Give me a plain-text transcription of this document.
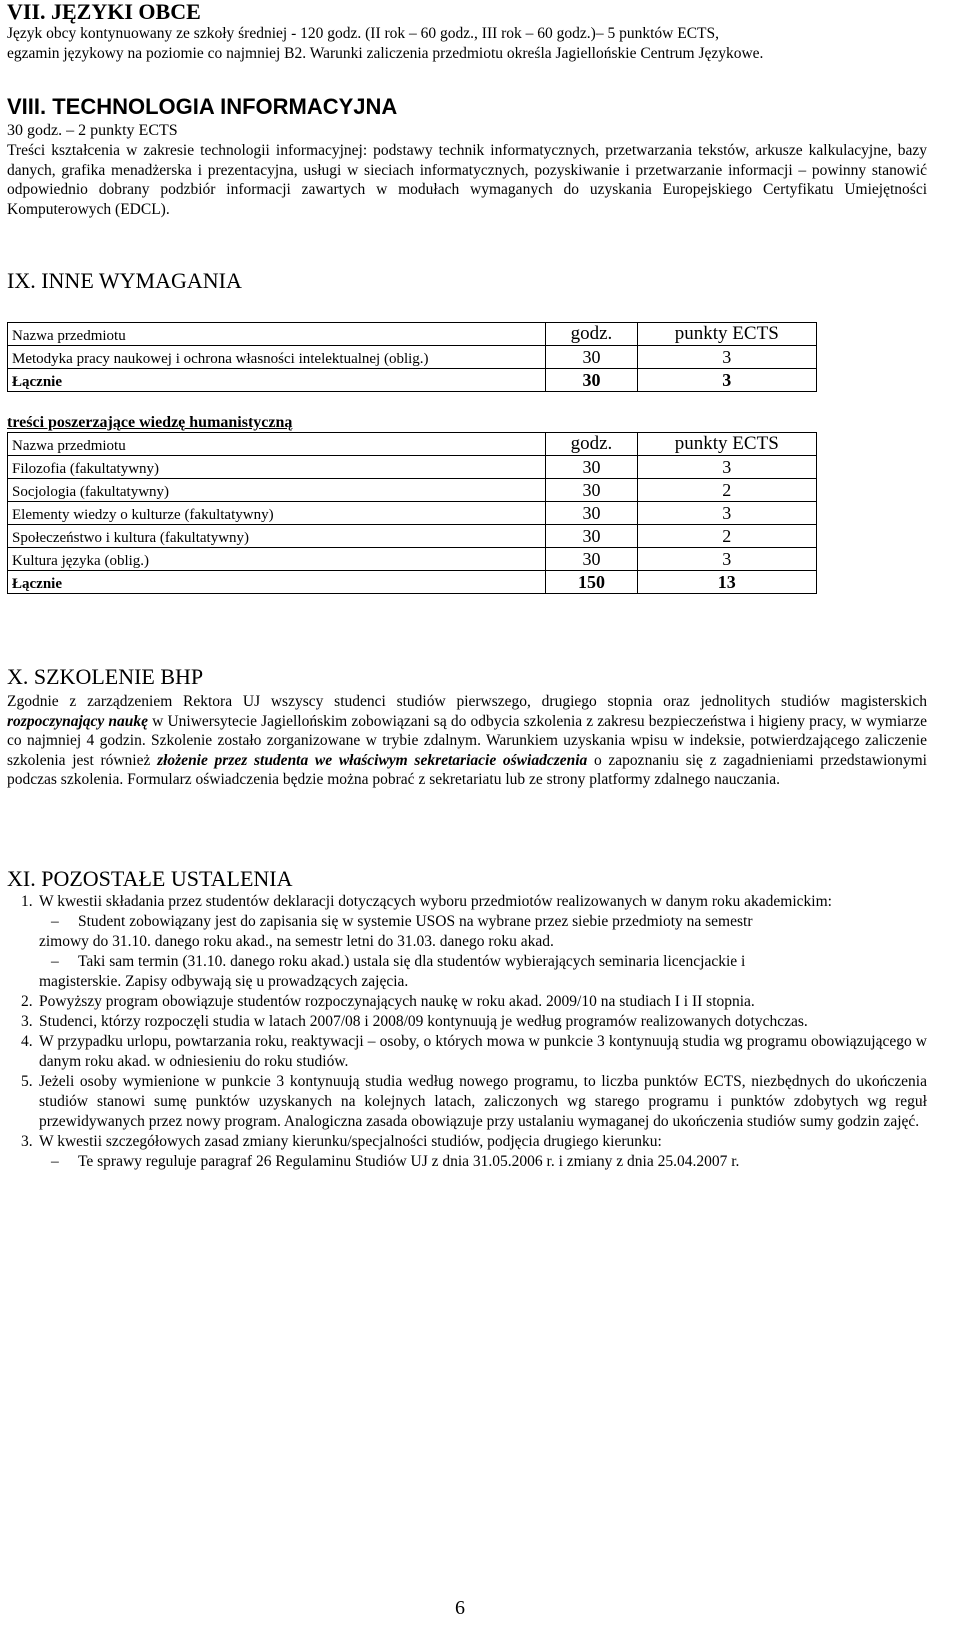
VII. JĘZYKI OBCE
Język obcy kontynuowany ze szkoły średniej - 120 godz. (II rok – 60 godz., III rok – 60 godz.)– 5 punktów ECTS,
egzamin językowy na poziomie co najmniej B2. Warunki zaliczenia przedmiotu określa Jagiellońskie Centrum Językowe.
VIII. TECHNOLOGIA INFORMACYJNA
30 godz. – 2 punkty ECTS
Treści kształcenia w zakresie technologii informacyjnej: podstawy technik informatycznych, przetwarzania tekstów, arkusze kalkulacyjne, bazy danych, grafika menadżerska i prezentacyjna, usługi w sieciach informatycznych, pozyskiwanie i przetwarzanie informacji – powinny stanowić odpowiednio dobrany podzbiór informacji zawartych w modułach wymaganych do uzyskania Europejskiego Certyfikatu Umiejętności Komputerowych (EDCL).
IX. INNE WYMAGANIA
Nazwa przedmiotu	godz.	punkty ECTS
Metodyka pracy naukowej i ochrona własności intelektualnej (oblig.)	30	3
Łącznie	30	3
treści poszerzające wiedzę humanistyczną
Nazwa przedmiotu	godz.	punkty ECTS
Filozofia (fakultatywny)	30	3
Socjologia (fakultatywny)	30	2
Elementy wiedzy o kulturze (fakultatywny)	30	3
Społeczeństwo i kultura (fakultatywny)	30	2
Kultura języka (oblig.)	30	3
Łącznie	150	13
X. SZKOLENIE BHP
Zgodnie z zarządzeniem Rektora UJ wszyscy studenci studiów pierwszego, drugiego stopnia oraz jednolitych studiów magisterskich rozpoczynający naukę w Uniwersytecie Jagiellońskim zobowiązani są do odbycia szkolenia z zakresu bezpieczeństwa i higieny pracy, w wymiarze co najmniej 4 godzin. Szkolenie zostało zorganizowane w trybie zdalnym. Warunkiem uzyskania wpisu w indeksie, potwierdzającego zaliczenie szkolenia jest również złożenie przez studenta we właściwym sekretariacie oświadczenia o zapoznaniu się z zagadnieniami przedstawionymi podczas szkolenia. Formularz oświadczenia będzie można pobrać z sekretariatu lub ze strony platformy zdalnego nauczania.
XI. POZOSTAŁE USTALENIA
1. W kwestii składania przez studentów deklaracji dotyczących wyboru przedmiotów realizowanych w danym roku akademickim:
– Student zobowiązany jest do zapisania się w systemie USOS na wybrane przez siebie przedmioty na semestr
zimowy do 31.10. danego roku akad., na semestr letni do 31.03. danego roku akad.
– Taki sam termin (31.10. danego roku akad.) ustala się dla studentów wybierających seminaria licencjackie i
magisterskie. Zapisy odbywają się u prowadzących zajęcia.
2. Powyższy program obowiązuje studentów rozpoczynających naukę w roku akad. 2009/10 na studiach I i II stopnia.
3. Studenci, którzy rozpoczęli studia w latach 2007/08 i 2008/09 kontynuują je według programów realizowanych dotychczas.
4. W przypadku urlopu, powtarzania roku, reaktywacji – osoby, o których mowa w punkcie 3 kontynuują studia wg programu obowiązującego w danym roku akad. w odniesieniu do roku studiów.
5. Jeżeli osoby wymienione w punkcie 3 kontynuują studia według nowego programu, to liczba punktów ECTS, niezbędnych do ukończenia studiów stanowi sumę punktów uzyskanych na kolejnych latach, zaliczonych wg starego programu i punktów zdobytych wg reguł przewidywanych przez nowy program. Analogiczna zasada obowiązuje przy ustalaniu wymaganej do ukończenia studiów sumy godzin zajęć.
3. W kwestii szczegółowych zasad zmiany kierunku/specjalności studiów, podjęcia drugiego kierunku:
– Te sprawy reguluje paragraf 26 Regulaminu Studiów UJ z dnia 31.05.2006 r. i zmiany z dnia 25.04.2007 r.
6
